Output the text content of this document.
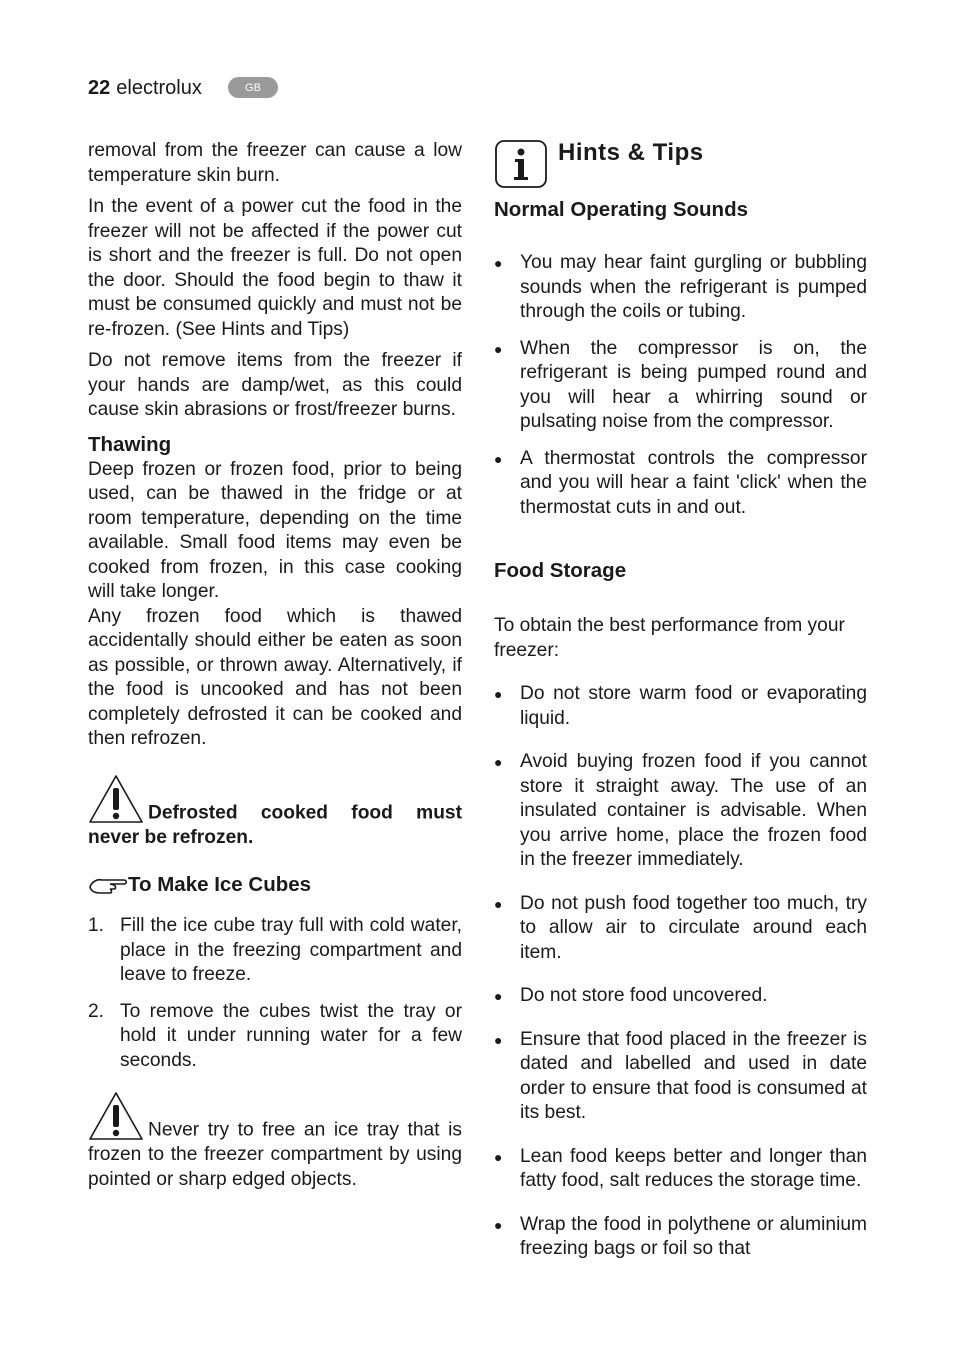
22 electrolux	GB

removal from the freezer can cause a low temperature skin burn.

In the event of a power cut the food in the freezer will not be affected if the power cut is short and the freezer is full. Do not open the door. Should the food begin to thaw it must be consumed quickly and must not be re-frozen. (See Hints and Tips)

Do not remove items from the freezer if your hands are damp/wet, as this could cause skin abrasions or frost/freezer burns.

Thawing

Deep frozen or frozen food, prior to being used, can be thawed in the fridge or at room temperature, depending on the time available. Small food items may even be cooked from frozen, in this case cooking will take longer.

Any frozen food which is thawed accidentally should either be eaten as soon as possible, or thrown away. Alternatively, if the food is uncooked and has not been completely defrosted it can be cooked and then refrozen.

Defrosted cooked food must never be refrozen.

To Make Ice Cubes
1. Fill the ice cube tray full with cold water, place in the freezing compartment and leave to freeze.
2. To remove the cubes twist the tray or hold it under running water for a few seconds.

Never try to free an ice tray that is frozen to the freezer compartment by using pointed or sharp edged objects.

Hints & Tips
Normal Operating Sounds
● You may hear faint gurgling or bubbling sounds when the refrigerant is pumped through the coils or tubing.
● When the compressor is on, the refrigerant is being pumped round and you will hear a whirring sound or pulsating noise from the compressor.
● A thermostat controls the compressor and you will hear a faint 'click' when the thermostat cuts in and out.
Food Storage

To obtain the best performance from your freezer:

● Do not store warm food or evaporating liquid.
● Avoid buying frozen food if you cannot store it straight away. The use of an insulated container is advisable. When you arrive home, place the frozen food in the freezer immediately.
● Do not push food together too much, try to allow air to circulate around each item.
● Do not store food uncovered.
● Ensure that food placed in the freezer is dated and labelled and used in date order to ensure that food is consumed at its best.
● Lean food keeps better and longer than fatty food, salt reduces the storage time.
● Wrap the food in polythene or aluminium freezing bags or foil so that
